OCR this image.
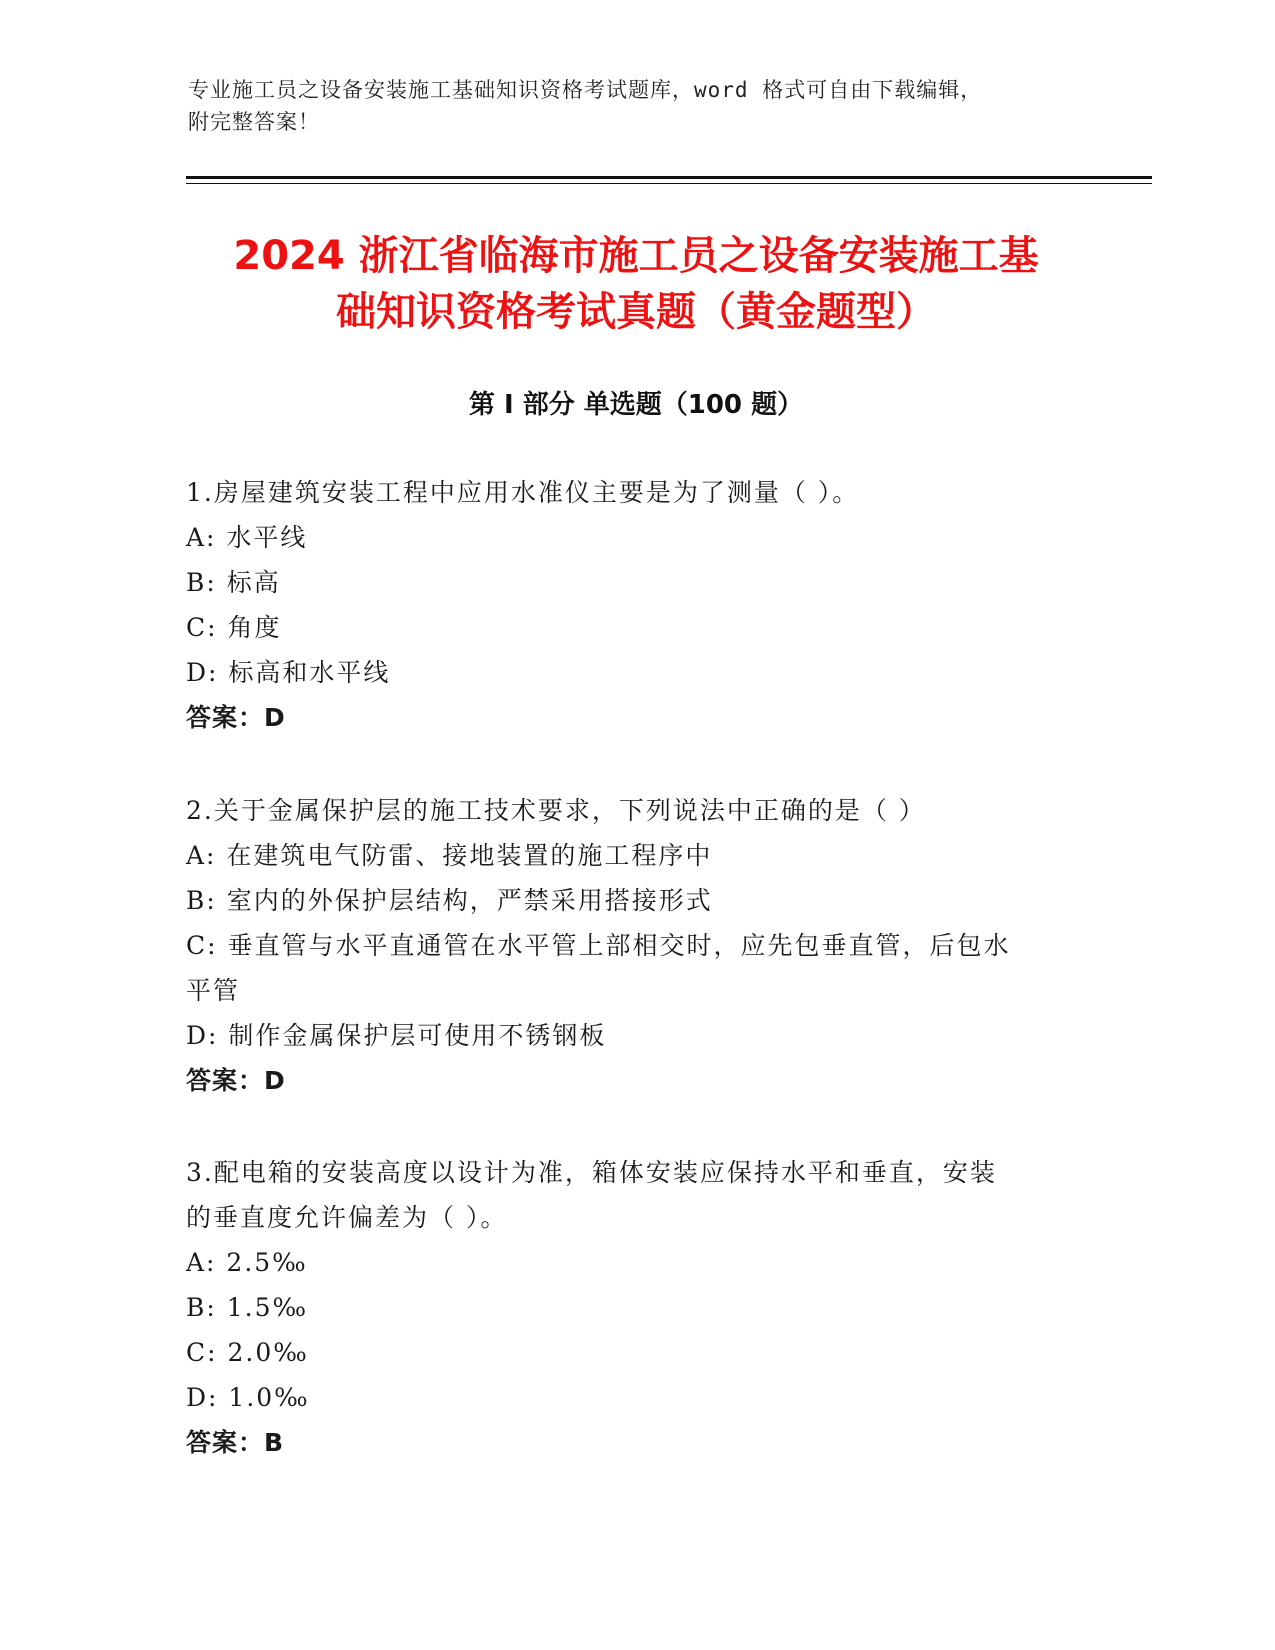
专业施工员之设备安装施工基础知识资格考试题库，word 格式可自由下载编辑，
附完整答案！
2024 浙江省临海市施工员之设备安装施工基
础知识资格考试真题（黄金题型）
第 I 部分 单选题（100 题）

1.房屋建筑安装工程中应用水准仪主要是为了测量（ ）。

A: 水平线

B: 标高

C: 角度

D: 标高和水平线

答案：D

2.关于金属保护层的施工技术要求，下列说法中正确的是（ ）

A: 在建筑电气防雷、接地装置的施工程序中

B: 室内的外保护层结构，严禁采用搭接形式

C: 垂直管与水平直通管在水平管上部相交时，应先包垂直管，后包水

平管

D: 制作金属保护层可使用不锈钢板

答案：D

3.配电箱的安装高度以设计为准，箱体安装应保持水平和垂直，安装

的垂直度允许偏差为（ ）。

A: 2.5‰

B: 1.5‰

C: 2.0‰

D: 1.0‰

答案：B
